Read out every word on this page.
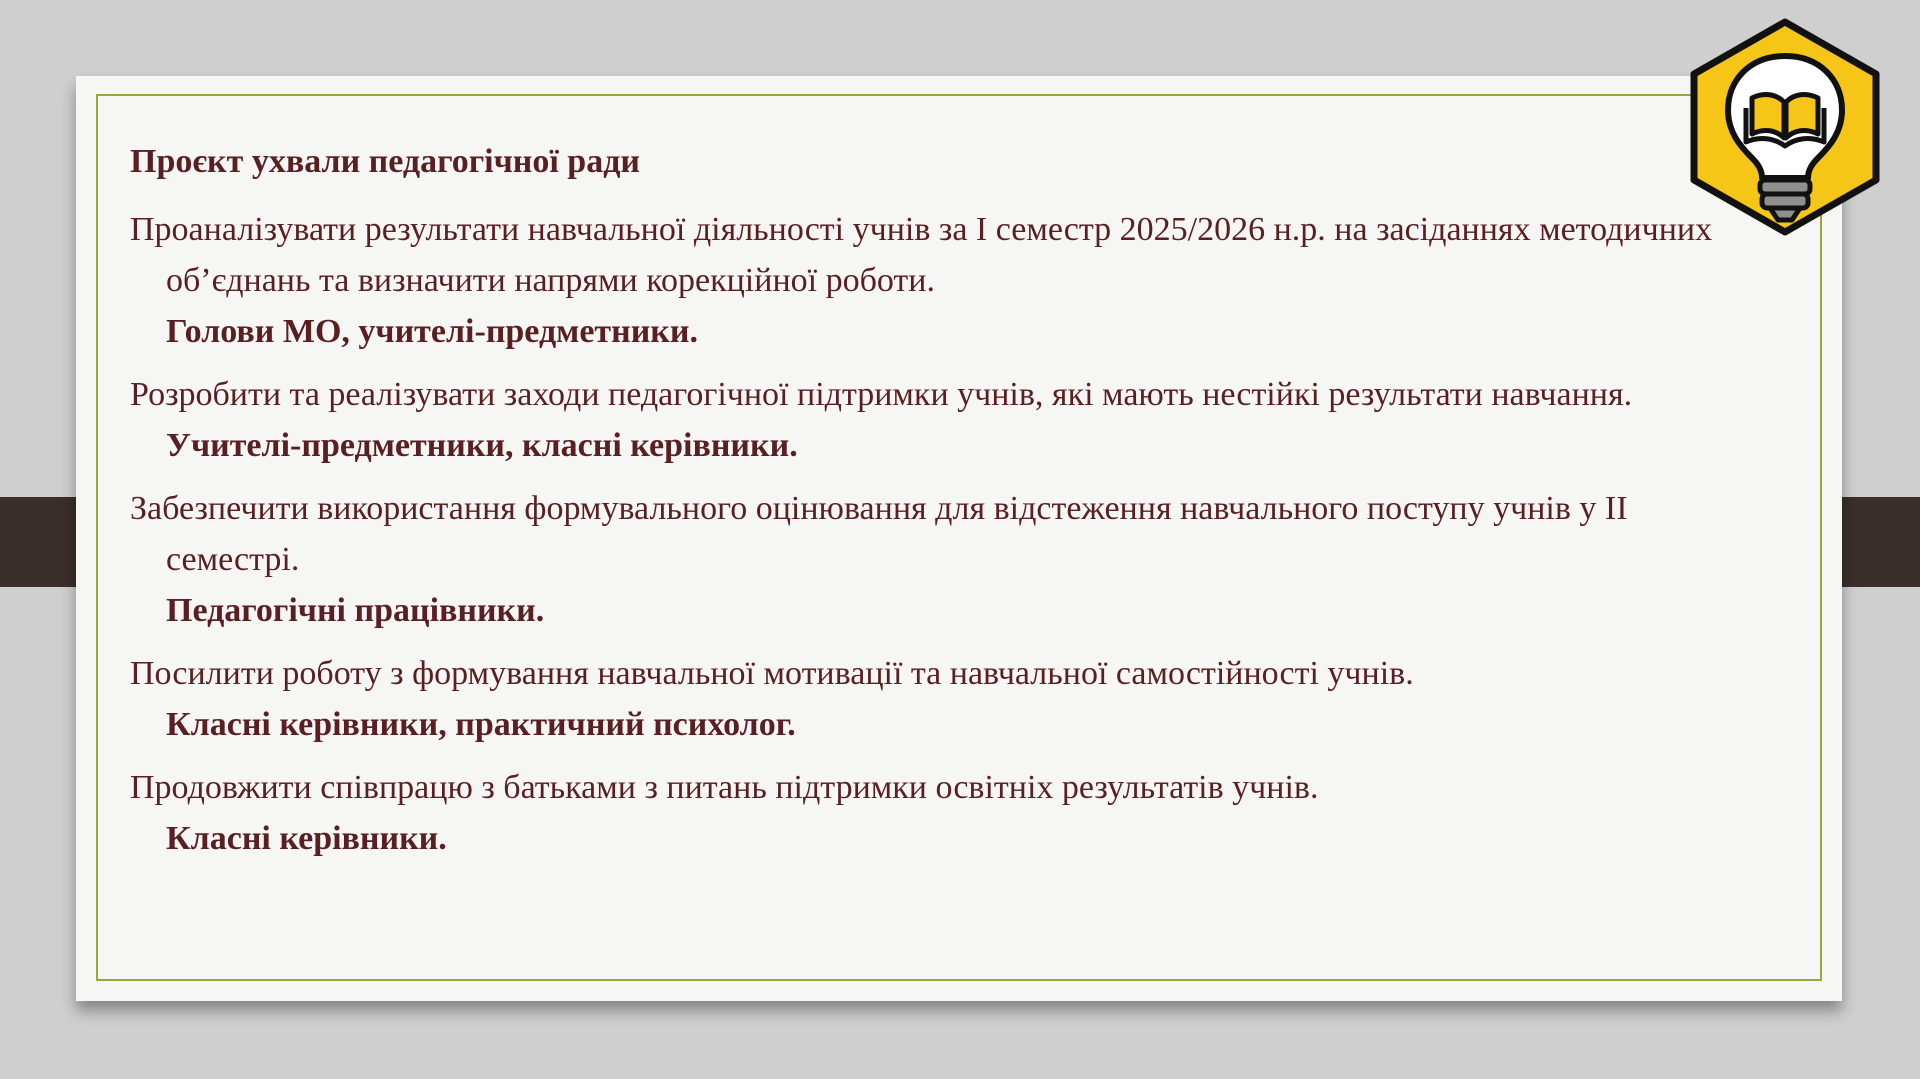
Проєкт ухвали педагогічної ради

Проаналізувати результати навчальної діяльності учнів за І семестр 2025/2026 н.р. на засіданнях методичних об’єднань та визначити напрями корекційної роботи.

Голови МО, учителі-предметники.

Розробити та реалізувати заходи педагогічної підтримки учнів, які мають нестійкі результати навчання.

Учителі-предметники, класні керівники.

Забезпечити використання формувального оцінювання для відстеження навчального поступу учнів у ІІ семестрі.

Педагогічні працівники.

Посилити роботу з формування навчальної мотивації та навчальної самостійності учнів.

Класні керівники, практичний психолог.

Продовжити співпрацю з батьками з питань підтримки освітніх результатів учнів.

Класні керівники.
